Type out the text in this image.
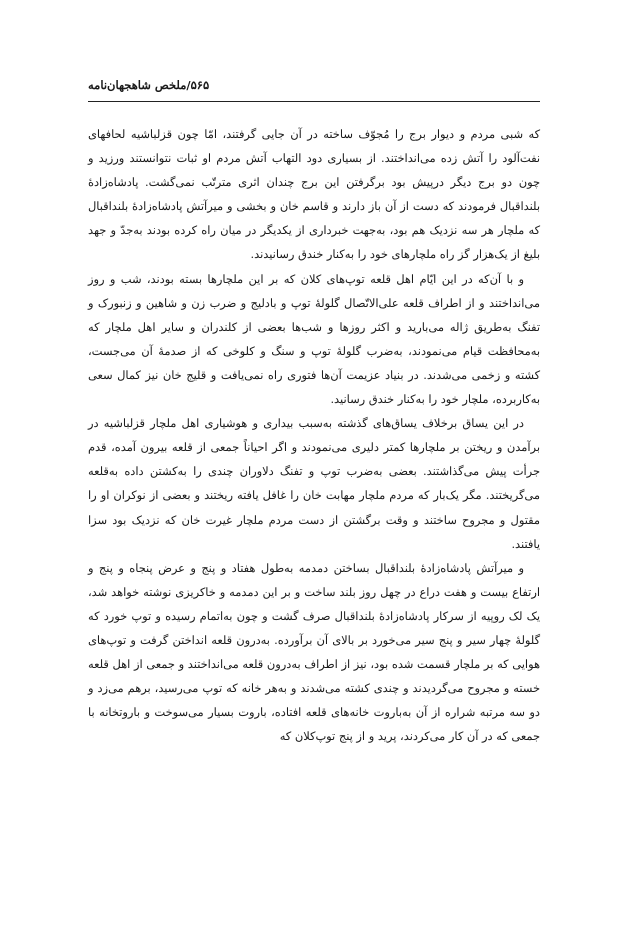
۵۶۵/ملخص شاهجهان‌نامه

که شبی مردم و دیوار برج را مُجوّف ساخته در آن جایی گرفتند، امّا چون قزلباشیه لحافهای نفت‌آلود را آتش زده می‌انداختند. از بسیاری دود التهاب آتش مردم او ثبات نتوانستند ورزید و چون دو برج دیگر درپیش بود برگرفتن این برج چندان اثری مترتّب نمی‌گشت. پادشاه‌زادۀ بلنداقبال فرمودند که دست از آن باز دارند و قاسم خان و بخشی و میرآتش پادشاه‌زادۀ بلنداقبال که ملچار هر سه نزدیک هم بود، به‌جهت خبرداری از یکدیگر در میان راه کرده بودند به‌جدّ و جهد بلیغ از یک‌هزار گز راه ملچارهای خود را به‌کنار خندق رسانیدند.

و با آن‌که در این ایّام اهل قلعه توپ‌های کلان که بر این ملچارها بسته بودند، شب و روز می‌انداختند و از اطراف قلعه علی‌الاتّصال گلولۀ توپ و بادلیج و ضرب زن و شاهین و زنبورک و تفنگ به‌طریق ژاله می‌بارید و اکثر روزها و شب‌ها بعضی از کلندران و سایر اهل ملچار که به‌محافظت قیام می‌نمودند، به‌ضرب گلولۀ توپ و سنگ و کلوخی که از صدمۀ آن می‌جست، کشته و زخمی می‌شدند. در بنیاد عزیمت آن‌ها فتوری راه نمی‌یافت و قلیج خان نیز کمال سعی به‌کاربرده، ملچار خود را به‌کنار خندق رسانید.

در این یساق برخلاف یساق‌های گذشته به‌سبب بیداری و هوشیاری اهل ملچار قزلباشیه در برآمدن و ریختن بر ملچارها کمتر دلیری می‌نمودند و اگر احیاناً جمعی از قلعه بیرون آمده، قدم جرأت پیش می‌گذاشتند. بعضی به‌ضرب توپ و تفنگ دلاوران چندی را به‌کشتن داده به‌قلعه می‌گریختند. مگر یک‌بار که مردم ملچار مهابت خان را غافل یافته ریختند و بعضی از نوکران او را مقتول و مجروح ساختند و وقت برگشتن از دست مردم ملچار غیرت خان که نزدیک بود سزا یافتند.

و میرآتش پادشاه‌زادۀ بلنداقبال بساختن دمدمه به‌طول هفتاد و پنج و عرض پنجاه و پنج و ارتفاع بیست و هفت دراع در چهل روز بلند ساخت و بر این دمدمه و خاکریزی نوشته خواهد شد، یک لک روپیه از سرکار پادشاه‌زادۀ بلنداقبال صرف گشت و چون به‌اتمام رسیده و توپ خورد که گلولۀ چهار سیر و پنج سیر می‌خورد بر بالای آن برآورده. به‌درون قلعه انداختن گرفت و توپ‌های هوایی که بر ملچار قسمت شده بود، نیز از اطراف به‌درون قلعه می‌انداختند و جمعی از اهل قلعه خسته و مجروح می‌گردیدند و چندی کشته می‌شدند و به‌هر خانه که توپ می‌رسید، برهم می‌زد و دو سه مرتبه شراره از آن به‌باروت خانه‌های قلعه افتاده، باروت بسیار می‌سوخت و باروتخانه با جمعی که در آن کار می‌کردند، پرید و از پنج توپ‌کلان که
